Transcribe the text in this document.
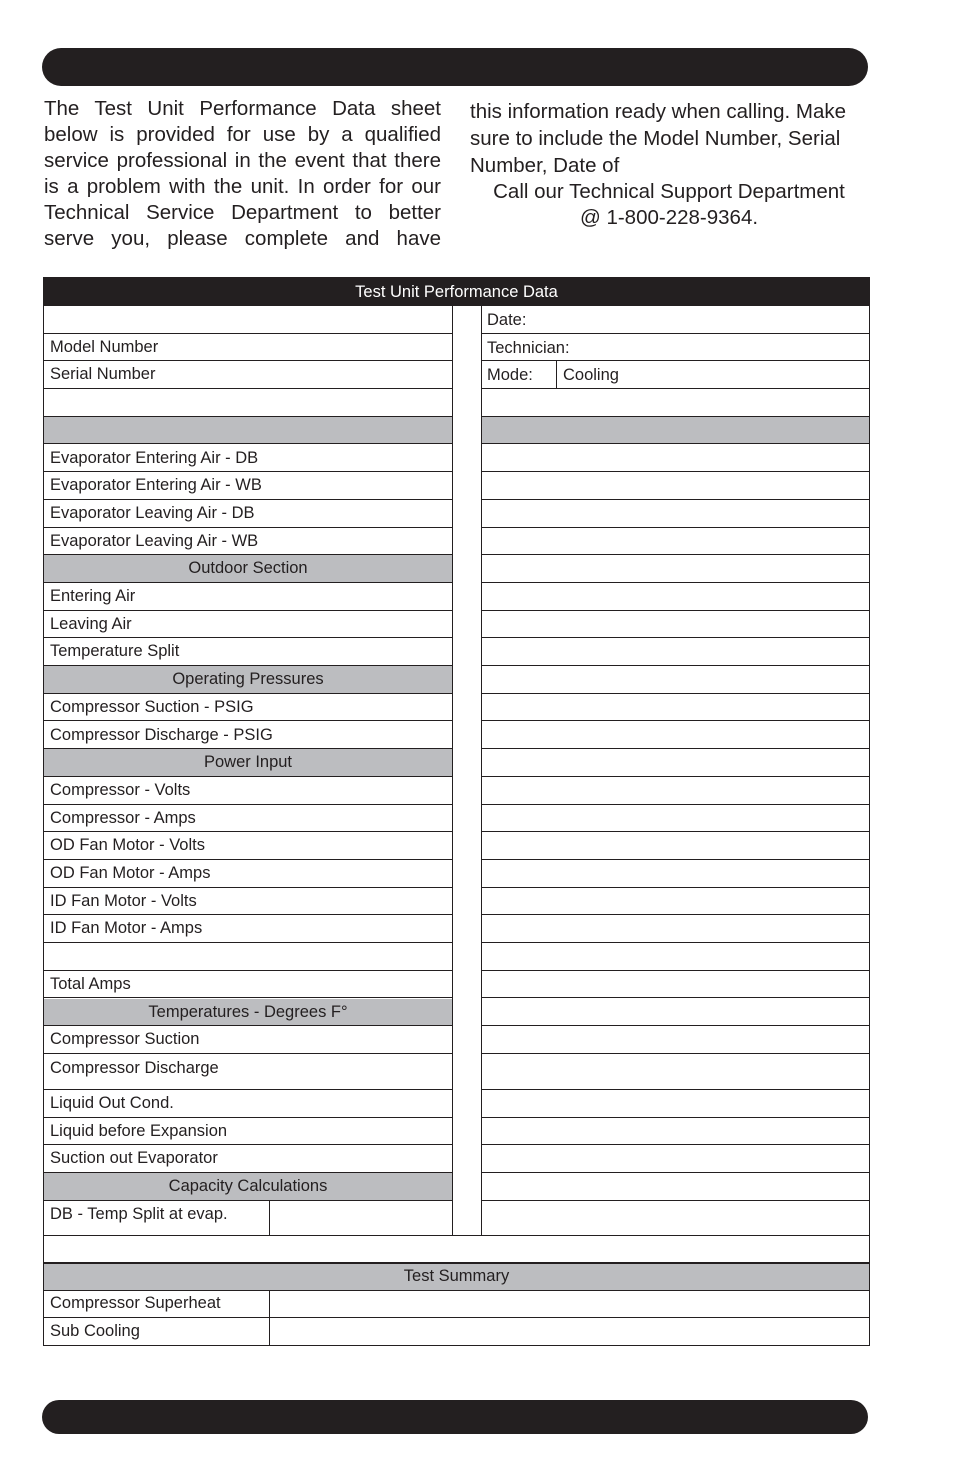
The Test Unit Performance Data sheet
below is provided for use by a qualified
service professional in the event that there
is a problem with the unit. In order for our
Technical Service Department to better
serve you, please complete and have
this information ready when calling. Make sure to include the Model Number, Serial Number, Date of
Call our Technical Support Department
@ 1-800-228-9364.
Test Unit Performance Data
Model Number
Serial Number
Evaporator Entering Air - DB
Evaporator Entering Air - WB
Evaporator Leaving Air - DB
Evaporator Leaving Air - WB
Outdoor Section
Entering Air
Leaving Air
Temperature Split
Operating Pressures
Compressor Suction - PSIG
Compressor Discharge - PSIG
Power Input
Compressor - Volts
Compressor - Amps
OD Fan Motor - Volts
OD Fan Motor - Amps
ID Fan Motor - Volts
ID Fan Motor - Amps
Total Amps
Temperatures - Degrees F°
Compressor Suction
Compressor Discharge
Liquid Out Cond.
Liquid before Expansion
Suction out Evaporator
Capacity Calculations
DB - Temp Split at evap.
Date:
Technician:
Mode: Cooling
Test Summary
Compressor Superheat
Sub Cooling
